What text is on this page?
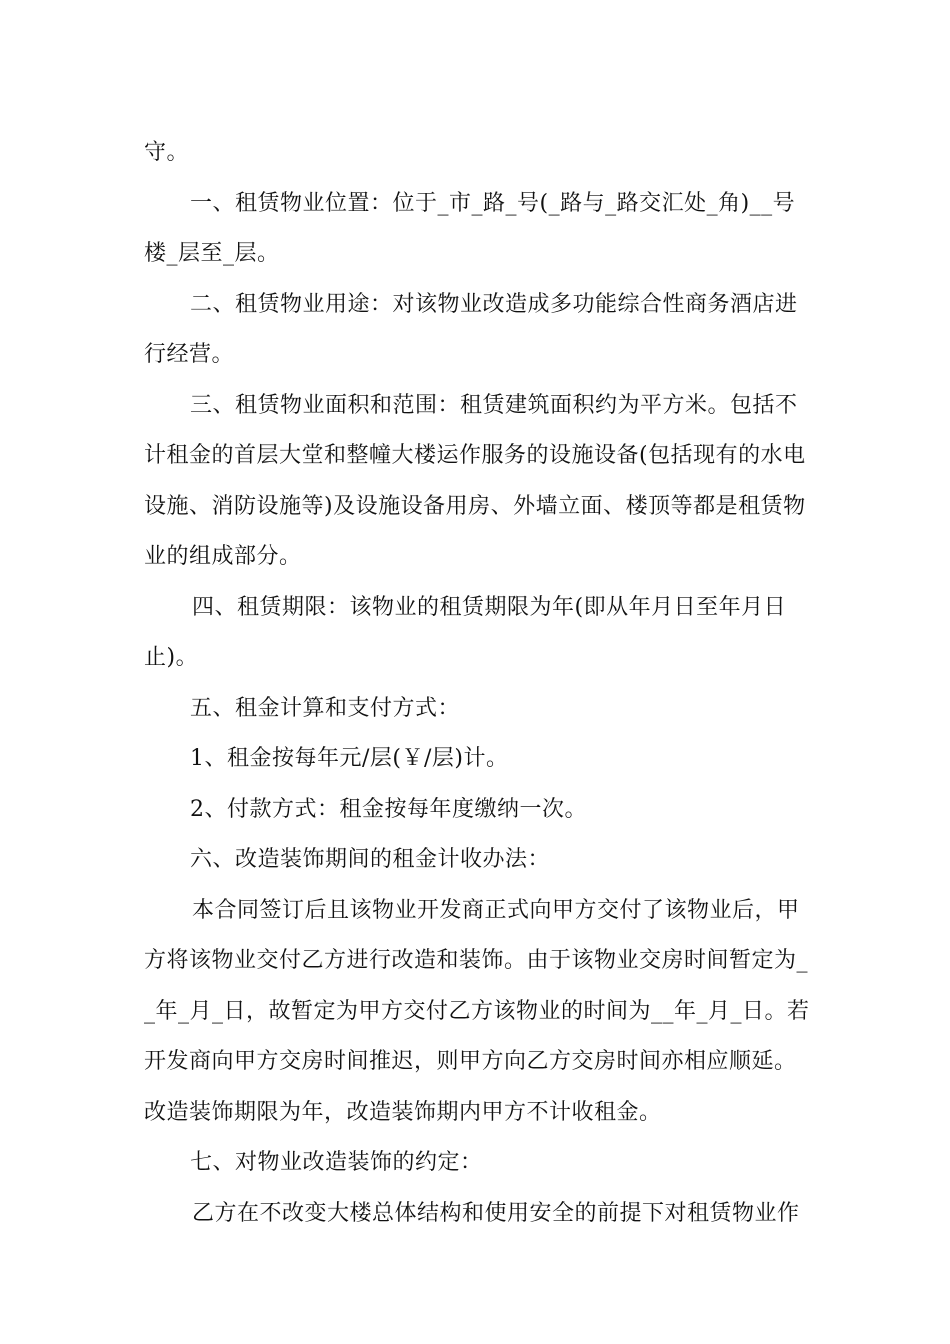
守。
一、租赁物业位置：位于_市_路_号(_路与_路交汇处_角)__号
楼_层至_层。
二、租赁物业用途：对该物业改造成多功能综合性商务酒店进
行经营。
三、租赁物业面积和范围：租赁建筑面积约为平方米。包括不
计租金的首层大堂和整幢大楼运作服务的设施设备(包括现有的水电
设施、消防设施等)及设施设备用房、外墙立面、楼顶等都是租赁物
业的组成部分。
四、租赁期限：该物业的租赁期限为年(即从年月日至年月日
止)。
五、租金计算和支付方式：
1、租金按每年元/层(￥/层)计。
2、付款方式：租金按每年度缴纳一次。
六、改造装饰期间的租金计收办法：
本合同签订后且该物业开发商正式向甲方交付了该物业后，甲
方将该物业交付乙方进行改造和装饰。由于该物业交房时间暂定为_
_年_月_日，故暂定为甲方交付乙方该物业的时间为__年_月_日。若
开发商向甲方交房时间推迟，则甲方向乙方交房时间亦相应顺延。
改造装饰期限为年，改造装饰期内甲方不计收租金。
七、对物业改造装饰的约定：
乙方在不改变大楼总体结构和使用安全的前提下对租赁物业作
